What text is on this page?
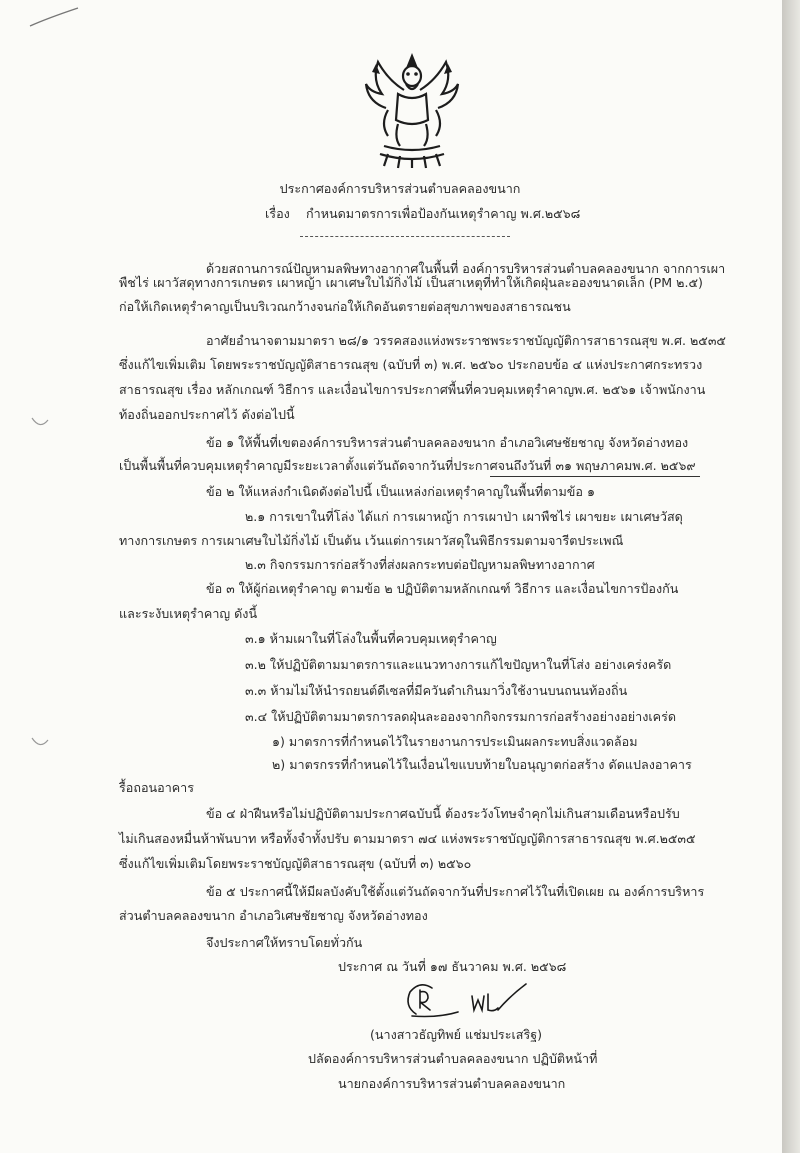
ประกาศองค์การบริหารส่วนตำบลคลองขนาก
เรื่อง กำหนดมาตรการเพื่อป้องกันเหตุรำคาญ พ.ศ.๒๕๖๘
ด้วยสถานการณ์ปัญหามลพิษทางอากาศในพื้นที่ องค์การบริหารส่วนตำบลคลองขนาก จากการเผา
พืชไร่ เผาวัสดุทางการเกษตร เผาหญ้า เผาเศษใบไม้กิ่งไม้ เป็นสาเหตุที่ทำให้เกิดฝุ่นละอองขนาดเล็ก (PM ๒.๕)
ก่อให้เกิดเหตุรำคาญเป็นบริเวณกว้างจนก่อให้เกิดอันตรายต่อสุขภาพของสาธารณชน
อาศัยอำนาจตามมาตรา ๒๘/๑ วรรคสองแห่งพระราชพระราชบัญญัติการสาธารณสุข พ.ศ. ๒๕๓๕
ซึ่งแก้ไขเพิ่มเติม โดยพระราชบัญญัติสาธารณสุข (ฉบับที่ ๓) พ.ศ. ๒๕๖๐ ประกอบข้อ ๔ แห่งประกาศกระทรวง
สาธารณสุข เรื่อง หลักเกณฑ์ วิธีการ และเงื่อนไขการประกาศพื้นที่ควบคุมเหตุรำคาญพ.ศ. ๒๕๖๑ เจ้าพนักงาน
ท้องถิ่นออกประกาศไว้ ดังต่อไปนี้
ข้อ ๑ ให้พื้นที่เขตองค์การบริหารส่วนตำบลคลองขนาก อำเภอวิเศษชัยชาญ จังหวัดอ่างทอง
เป็นพื้นพื้นที่ควบคุมเหตุรำคาญมีระยะเวลาตั้งแต่วันถัดจากวันที่ประกาศจนถึงวันที่ ๓๑ พฤษภาคมพ.ศ. ๒๕๖๙
ข้อ ๒ ให้แหล่งกำเนิดดังต่อไปนี้ เป็นแหล่งก่อเหตุรำคาญในพื้นที่ตามข้อ ๑
๒.๑ การเขาในที่โล่ง ได้แก่ การเผาหญ้า การเผาป่า เผาพืชไร่ เผาขยะ เผาเศษวัสดุ
ทางการเกษตร การเผาเศษใบไม้กิ่งไม้ เป็นต้น เว้นแต่การเผาวัสดุในพิธีกรรมตามจารีตประเพณี
๒.๓ กิจกรรมการก่อสร้างที่ส่งผลกระทบต่อปัญหามลพิษทางอากาศ
ข้อ ๓ ให้ผู้ก่อเหตุรำคาญ ตามข้อ ๒ ปฏิบัติตามหลักเกณฑ์ วิธีการ และเงื่อนไขการป้องกัน
และระงับเหตุรำคาญ ดังนี้
๓.๑ ห้ามเผาในที่โล่งในพื้นที่ควบคุมเหตุรำคาญ
๓.๒ ให้ปฏิบัติตามมาตรการและแนวทางการแก้ไขปัญหาในที่โส่ง อย่างเคร่งครัด
๓.๓ ห้ามไม่ให้นำรถยนต์ดีเซลที่มีควันดำเกินมาวิ่งใช้งานบนถนนท้องถิ่น
๓.๔ ให้ปฏิบัติตามมาตรการลดฝุ่นละอองจากกิจกรรมการก่อสร้างอย่างอย่างเคร่ด
๑) มาตรการที่กำหนดไว้ในรายงานการประเมินผลกระทบสิ่งแวดล้อม
๒) มาตรกรรที่กำหนดไว้ในเงื่อนไขแบบท้ายใบอนุญาตก่อสร้าง ดัดแปลงอาคาร
รื้อถอนอาคาร
ข้อ ๔ ฝ่าฝืนหรือไม่ปฏิบัติตามประกาศฉบับนี้ ต้องระวังโทษจำคุกไม่เกินสามเดือนหรือปรับ
ไม่เกินสองหมื่นห้าพันบาท หรือทั้งจำทั้งปรับ ตามมาตรา ๗๔ แห่งพระราชบัญญัติการสาธารณสุข พ.ศ.๒๕๓๕
ซึ่งแก้ไขเพิ่มเติมโดยพระราชบัญญัติสาธารณสุข (ฉบับที่ ๓) ๒๕๖๐
ข้อ ๕ ประกาศนี้ให้มีผลบังคับใช้ตั้งแต่วันถัดจากวันที่ประกาศไว้ในที่เปิดเผย ณ องค์การบริหาร
ส่วนตำบลคลองขนาก อำเภอวิเศษชัยชาญ จังหวัดอ่างทอง
จึงประกาศให้ทราบโดยทั่วกัน
ประกาศ ณ วันที่ ๑๗ ธันวาคม พ.ศ. ๒๕๖๘
(นางสาวธัญทิพย์ แช่มประเสริฐ)
ปลัดองค์การบริหารส่วนตำบลคลองขนาก ปฏิบัติหน้าที่
นายกองค์การบริหารส่วนตำบลคลองขนาก
